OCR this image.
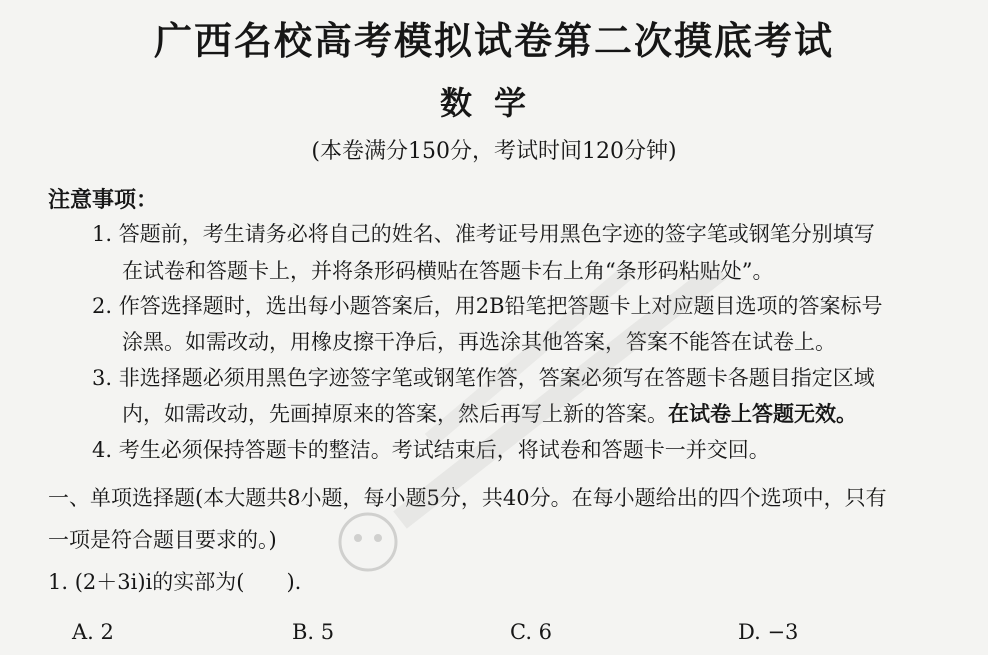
广西名校高考模拟试卷第二次摸底考试
数学
(本卷满分150分，考试时间120分钟)
注意事项：
1. 答题前，考生请务必将自己的姓名、准考证号用黑色字迹的签字笔或钢笔分别填写
在试卷和答题卡上，并将条形码横贴在答题卡右上角“条形码粘贴处”。
2. 作答选择题时，选出每小题答案后，用2B铅笔把答题卡上对应题目选项的答案标号
涂黑。如需改动，用橡皮擦干净后，再选涂其他答案，答案不能答在试卷上。
3. 非选择题必须用黑色字迹签字笔或钢笔作答，答案必须写在答题卡各题目指定区域
内，如需改动，先画掉原来的答案，然后再写上新的答案。在试卷上答题无效。
4. 考生必须保持答题卡的整洁。考试结束后，将试卷和答题卡一并交回。
一、单项选择题(本大题共8小题，每小题5分，共40分。在每小题给出的四个选项中，只有
一项是符合题目要求的。)
1. (2＋3i)i的实部为(　　).
A. 2	B. 5	C. 6	D. −3
